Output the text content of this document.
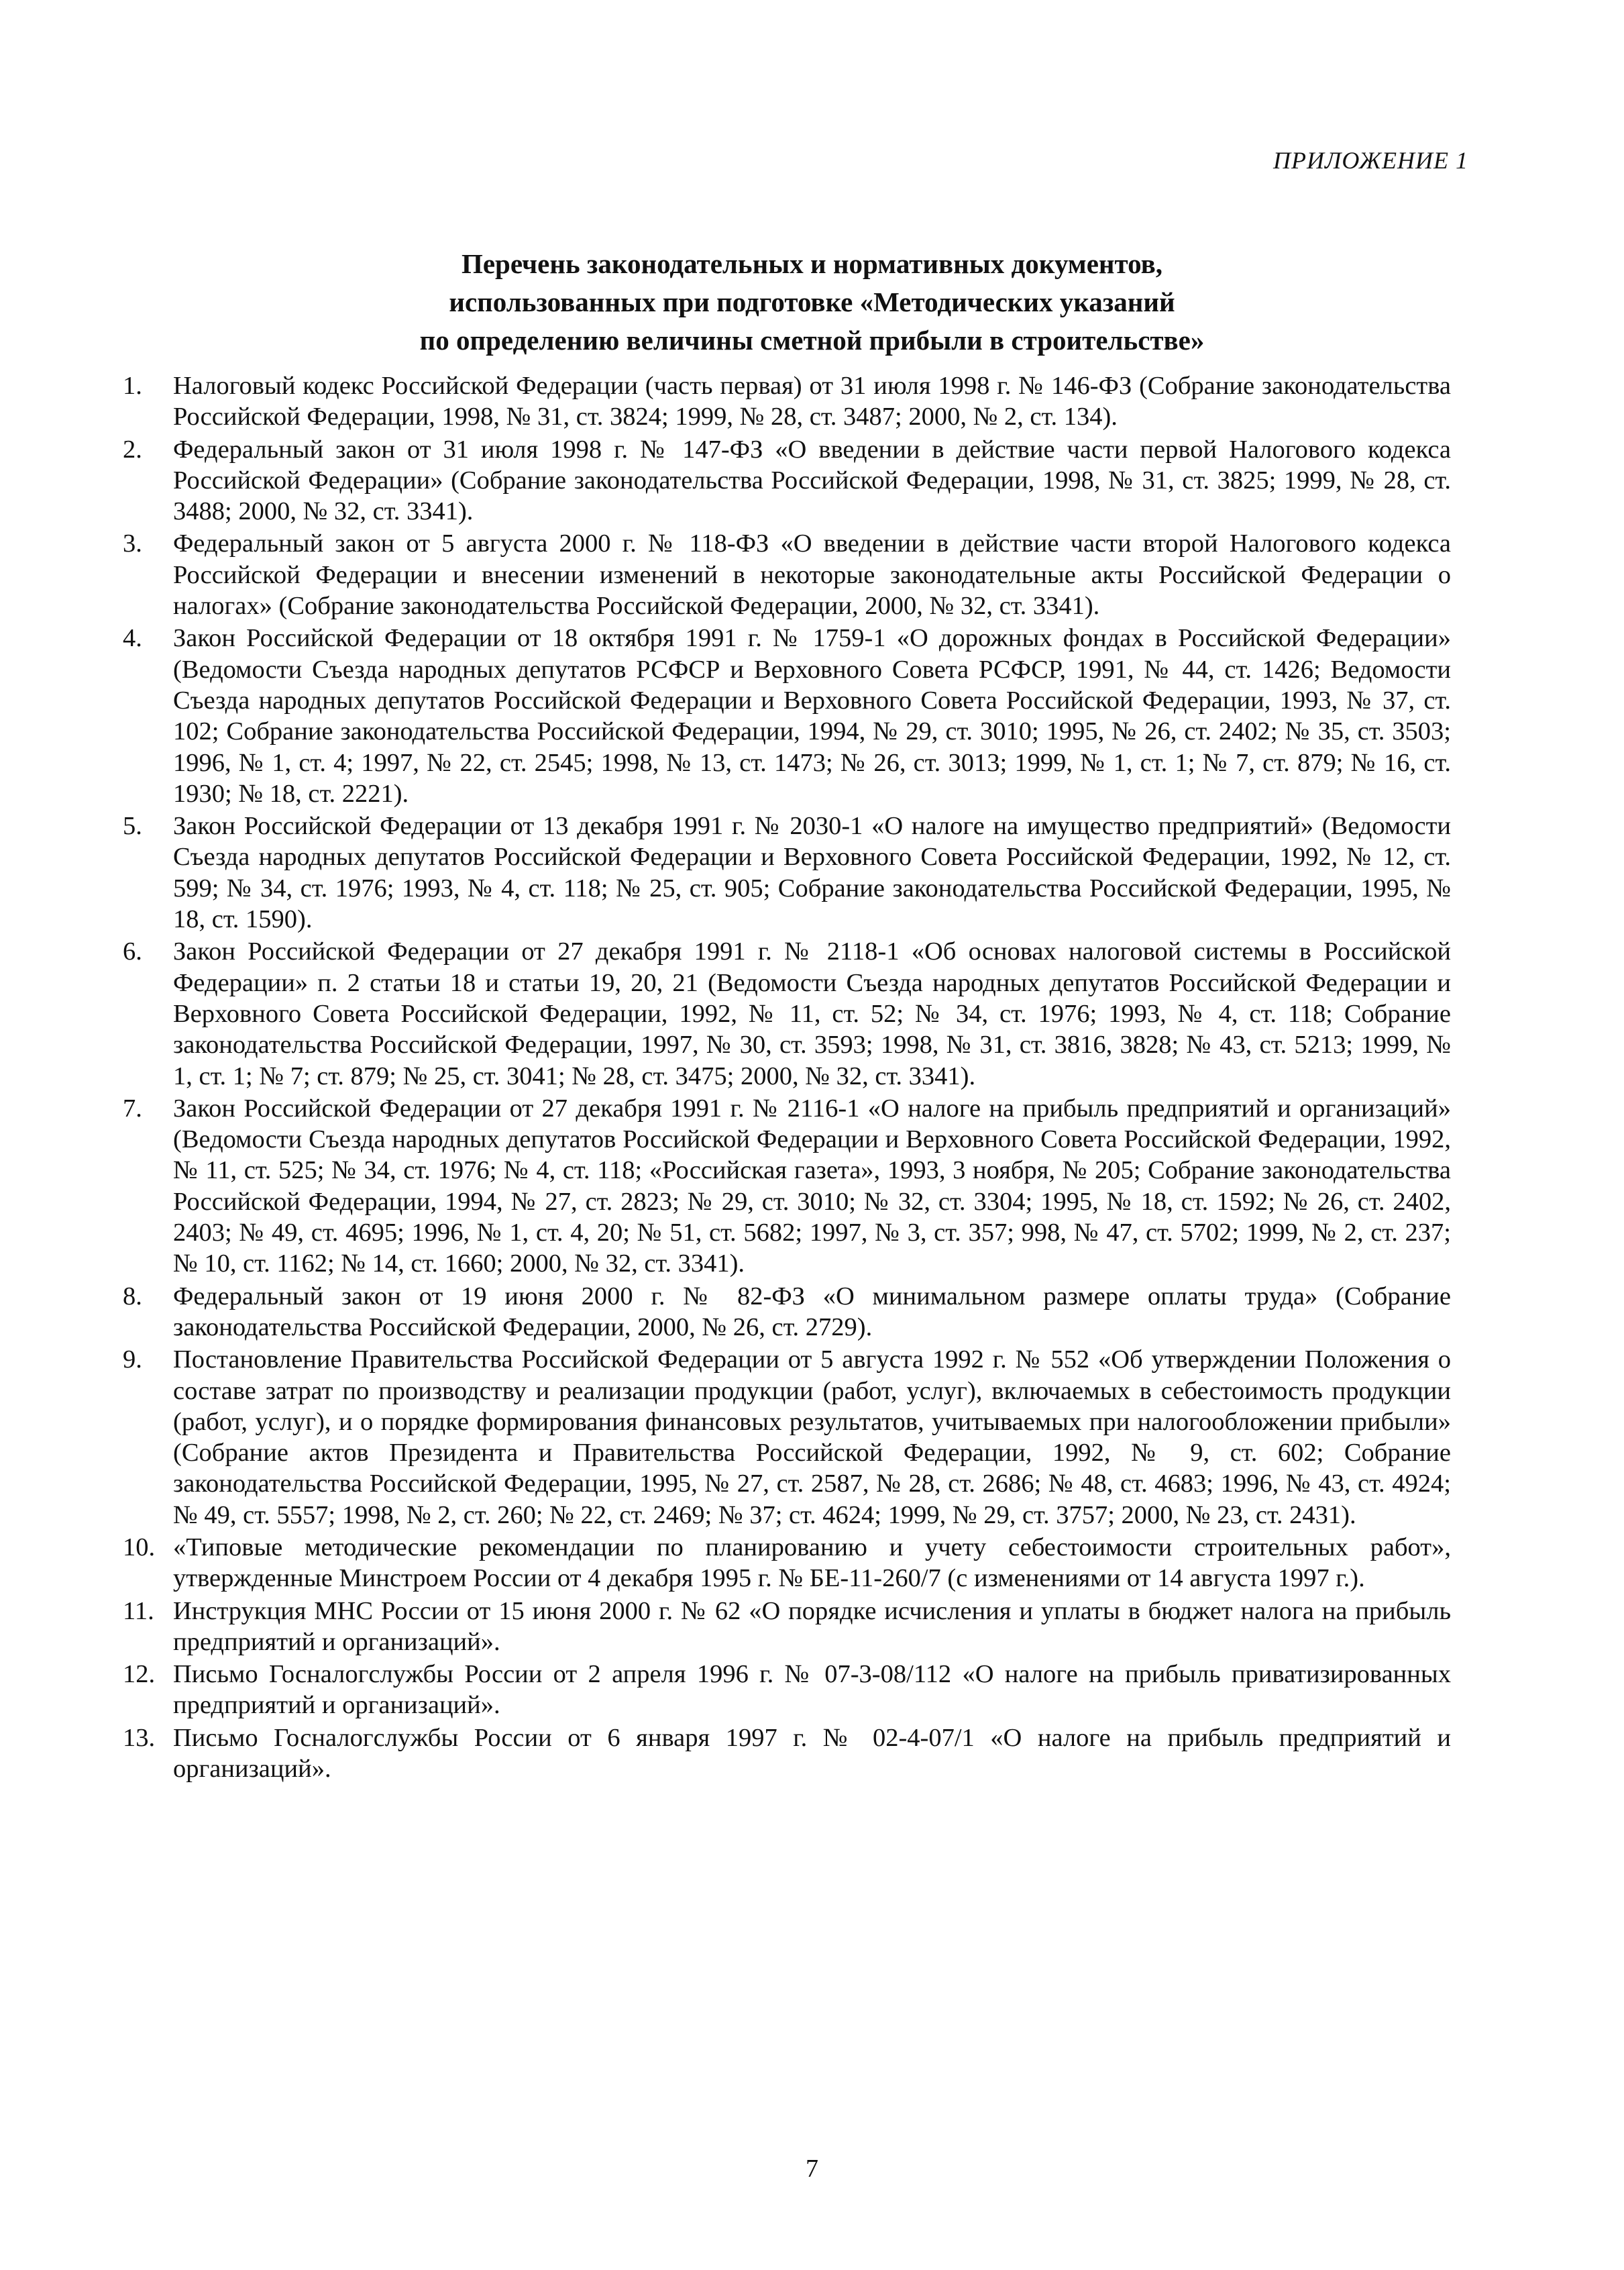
ПРИЛОЖЕНИЕ 1
Перечень законодательных и нормативных документов,
использованных при подготовке «Методических указаний
по определению величины сметной прибыли в строительстве»
1.	Налоговый кодекс Российской Федерации (часть первая) от 31 июля 1998 г. № 146-ФЗ (Собрание законодательства Российской Федерации, 1998, № 31, ст. 3824; 1999, № 28, ст. 3487; 2000, № 2, ст. 134).
2.	Федеральный закон от 31 июля 1998 г. № 147-ФЗ «О введении в действие части первой Налогового кодекса Российской Федерации» (Собрание законодательства Российской Федерации, 1998, № 31, ст. 3825; 1999, № 28, ст. 3488; 2000, № 32, ст. 3341).
3.	Федеральный закон от 5 августа 2000 г. № 118-ФЗ «О введении в действие части второй Налогового кодекса Российской Федерации и внесении изменений в некоторые законодательные акты Российской Федерации о налогах» (Собрание законодательства Российской Федерации, 2000, № 32, ст. 3341).
4.	Закон Российской Федерации от 18 октября 1991 г. № 1759-1 «О дорожных фондах в Российской Федерации» (Ведомости Съезда народных депутатов РСФСР и Верховного Совета РСФСР, 1991, № 44, ст. 1426; Ведомости Съезда народных депутатов Российской Федерации и Верховного Совета Российской Федерации, 1993, № 37, ст. 102; Собрание законодательства Российской Федерации, 1994, № 29, ст. 3010; 1995, № 26, ст. 2402; № 35, ст. 3503; 1996, № 1, ст. 4; 1997, № 22, ст. 2545; 1998, № 13, ст. 1473; № 26, ст. 3013; 1999, № 1, ст. 1; № 7, ст. 879; № 16, ст. 1930; № 18, ст. 2221).
5.	Закон Российской Федерации от 13 декабря 1991 г. № 2030-1 «О налоге на имущество предприятий» (Ведомости Съезда народных депутатов Российской Федерации и Верховного Совета Российской Федерации, 1992, № 12, ст. 599; № 34, ст. 1976; 1993, № 4, ст. 118; № 25, ст. 905; Собрание законодательства Российской Федерации, 1995, № 18, ст. 1590).
6.	Закон Российской Федерации от 27 декабря 1991 г. № 2118-1 «Об основах налоговой системы в Российской Федерации» п. 2 статьи 18 и статьи 19, 20, 21 (Ведомости Съезда народных депутатов Российской Федерации и Верховного Совета Российской Федерации, 1992, № 11, ст. 52; № 34, ст. 1976; 1993, № 4, ст. 118; Собрание законодательства Российской Федерации, 1997, № 30, ст. 3593; 1998, № 31, ст. 3816, 3828; № 43, ст. 5213; 1999, № 1, ст. 1; № 7; ст. 879; № 25, ст. 3041; № 28, ст. 3475; 2000, № 32, ст. 3341).
7.	Закон Российской Федерации от 27 декабря 1991 г. № 2116-1 «О налоге на прибыль предприятий и организаций» (Ведомости Съезда народных депутатов Российской Федерации и Верховного Совета Российской Федерации, 1992, № 11, ст. 525; № 34, ст. 1976; № 4, ст. 118; «Российская газета», 1993, 3 ноября, № 205; Собрание законодательства Российской Федерации, 1994, № 27, ст. 2823; № 29, ст. 3010; № 32, ст. 3304; 1995, № 18, ст. 1592; № 26, ст. 2402, 2403; № 49, ст. 4695; 1996, № 1, ст. 4, 20; № 51, ст. 5682; 1997, № 3, ст. 357; 998, № 47, ст. 5702; 1999, № 2, ст. 237; № 10, ст. 1162; № 14, ст. 1660; 2000, № 32, ст. 3341).
8.	Федеральный закон от 19 июня 2000 г. № 82-ФЗ «О минимальном размере оплаты труда» (Собрание законодательства Российской Федерации, 2000, № 26, ст. 2729).
9.	Постановление Правительства Российской Федерации от 5 августа 1992 г. № 552 «Об утверждении Положения о составе затрат по производству и реализации продукции (работ, услуг), включаемых в себестоимость продукции (работ, услуг), и о порядке формирования финансовых результатов, учитываемых при налогообложении прибыли» (Собрание актов Президента и Правительства Российской Федерации, 1992, № 9, ст. 602; Собрание законодательства Российской Федерации, 1995, № 27, ст. 2587, № 28, ст. 2686; № 48, ст. 4683; 1996, № 43, ст. 4924; № 49, ст. 5557; 1998, № 2, ст. 260; № 22, ст. 2469; № 37; ст. 4624; 1999, № 29, ст. 3757; 2000, № 23, ст. 2431).
10. «Типовые методические рекомендации по планированию и учету себестоимости строительных работ», утвержденные Минстроем России от 4 декабря 1995 г. № БЕ-11-260/7 (с изменениями от 14 августа 1997 г.).
11. Инструкция МНС России от 15 июня 2000 г. № 62 «О порядке исчисления и уплаты в бюджет налога на прибыль предприятий и организаций».
12. Письмо Госналогслужбы России от 2 апреля 1996 г. № 07-3-08/112 «О налоге на прибыль приватизированных предприятий и организаций».
13. Письмо Госналогслужбы России от 6 января 1997 г. № 02-4-07/1 «О налоге на прибыль предприятий и организаций».
7
